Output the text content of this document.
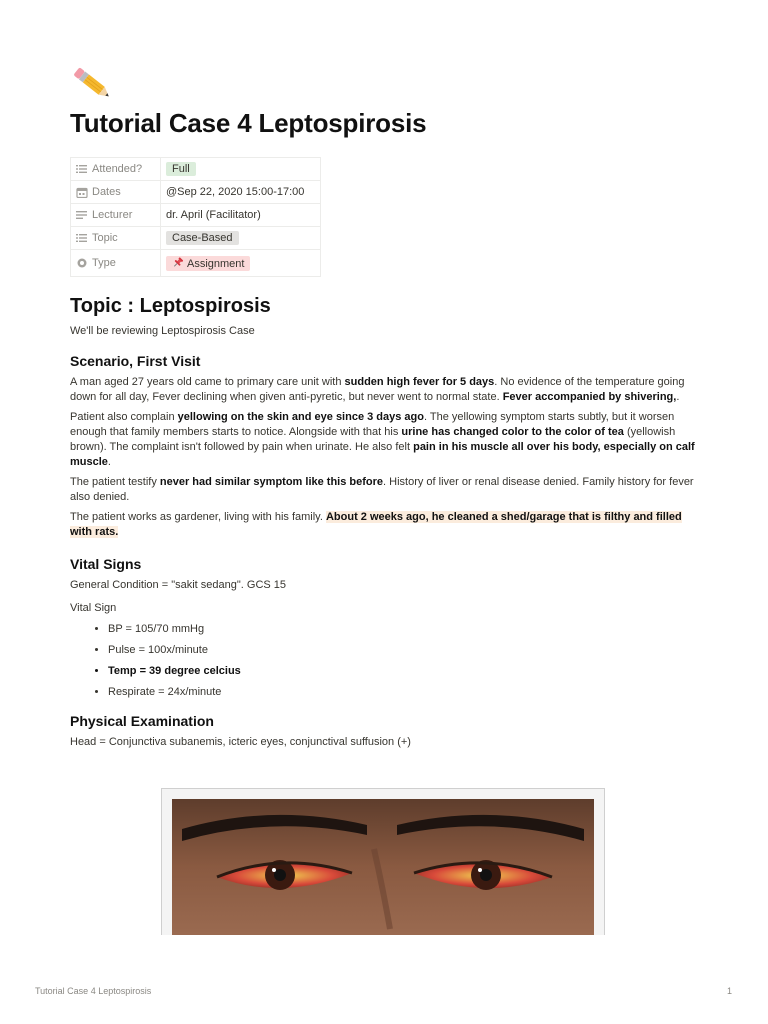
Tutorial Case 4 Leptospirosis
Attended?	Full
Dates	@Sep 22, 2020 15:00-17:00
Lecturer	dr. April (Facilitator)
Topic	Case-Based
Type	Assignment
Topic : Leptospirosis

We'll be reviewing Leptospirosis Case

Scenario, First Visit

A man aged 27 years old came to primary care unit with sudden high fever for 5 days. No evidence of the temperature going down for all day, Fever declining when given anti-pyretic, but never went to normal state. Fever accompanied by shivering,.

Patient also complain yellowing on the skin and eye since 3 days ago. The yellowing symptom starts subtly, but it worsen enough that family members starts to notice. Alongside with that his urine has changed color to the color of tea (yellowish brown). The complaint isn't followed by pain when urinate. He also felt pain in his muscle all over his body, especially on calf muscle.

The patient testify never had similar symptom like this before. History of liver or renal disease denied. Family history for fever also denied.

The patient works as gardener, living with his family. About 2 weeks ago, he cleaned a shed/garage that is filthy and filled with rats.

Vital Signs

General Condition = "sakit sedang". GCS 15

Vital Sign

• BP = 105/70 mmHg
• Pulse = 100x/minute
• Temp = 39 degree celcius
• Respirate = 24x/minute
Physical Examination

Head = Conjunctiva subanemis, icteric eyes, conjunctival suffusion (+)

Tutorial Case 4 Leptospirosis	1
